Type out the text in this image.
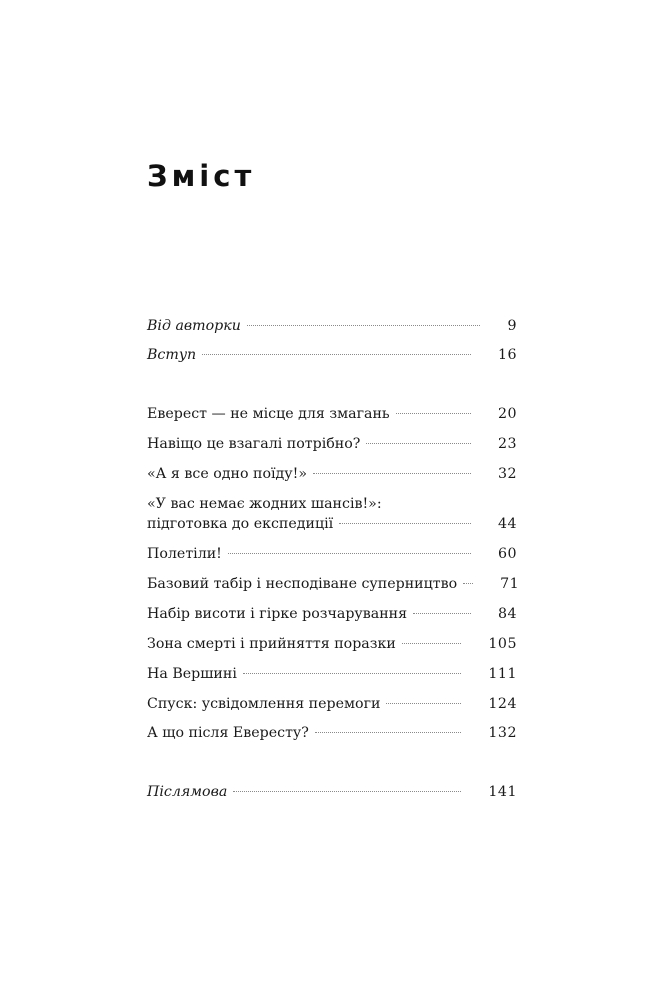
Зміст
Від авторки	9
Вступ	16
Еверест — не місце для змагань	20
Навіщо це взагалі потрібно?	23
«А я все одно поїду!»	32
«У вас немає жодних шансів!»:
підготовка до експедиції	44
Полетіли!	60
Базовий табір і несподіване суперництво	71
Набір висоти і гірке розчарування	84
Зона смерті і прийняття поразки	105
На Вершині	111
Спуск: усвідомлення перемоги	124
А що після Евересту?	132
Післямова	141
